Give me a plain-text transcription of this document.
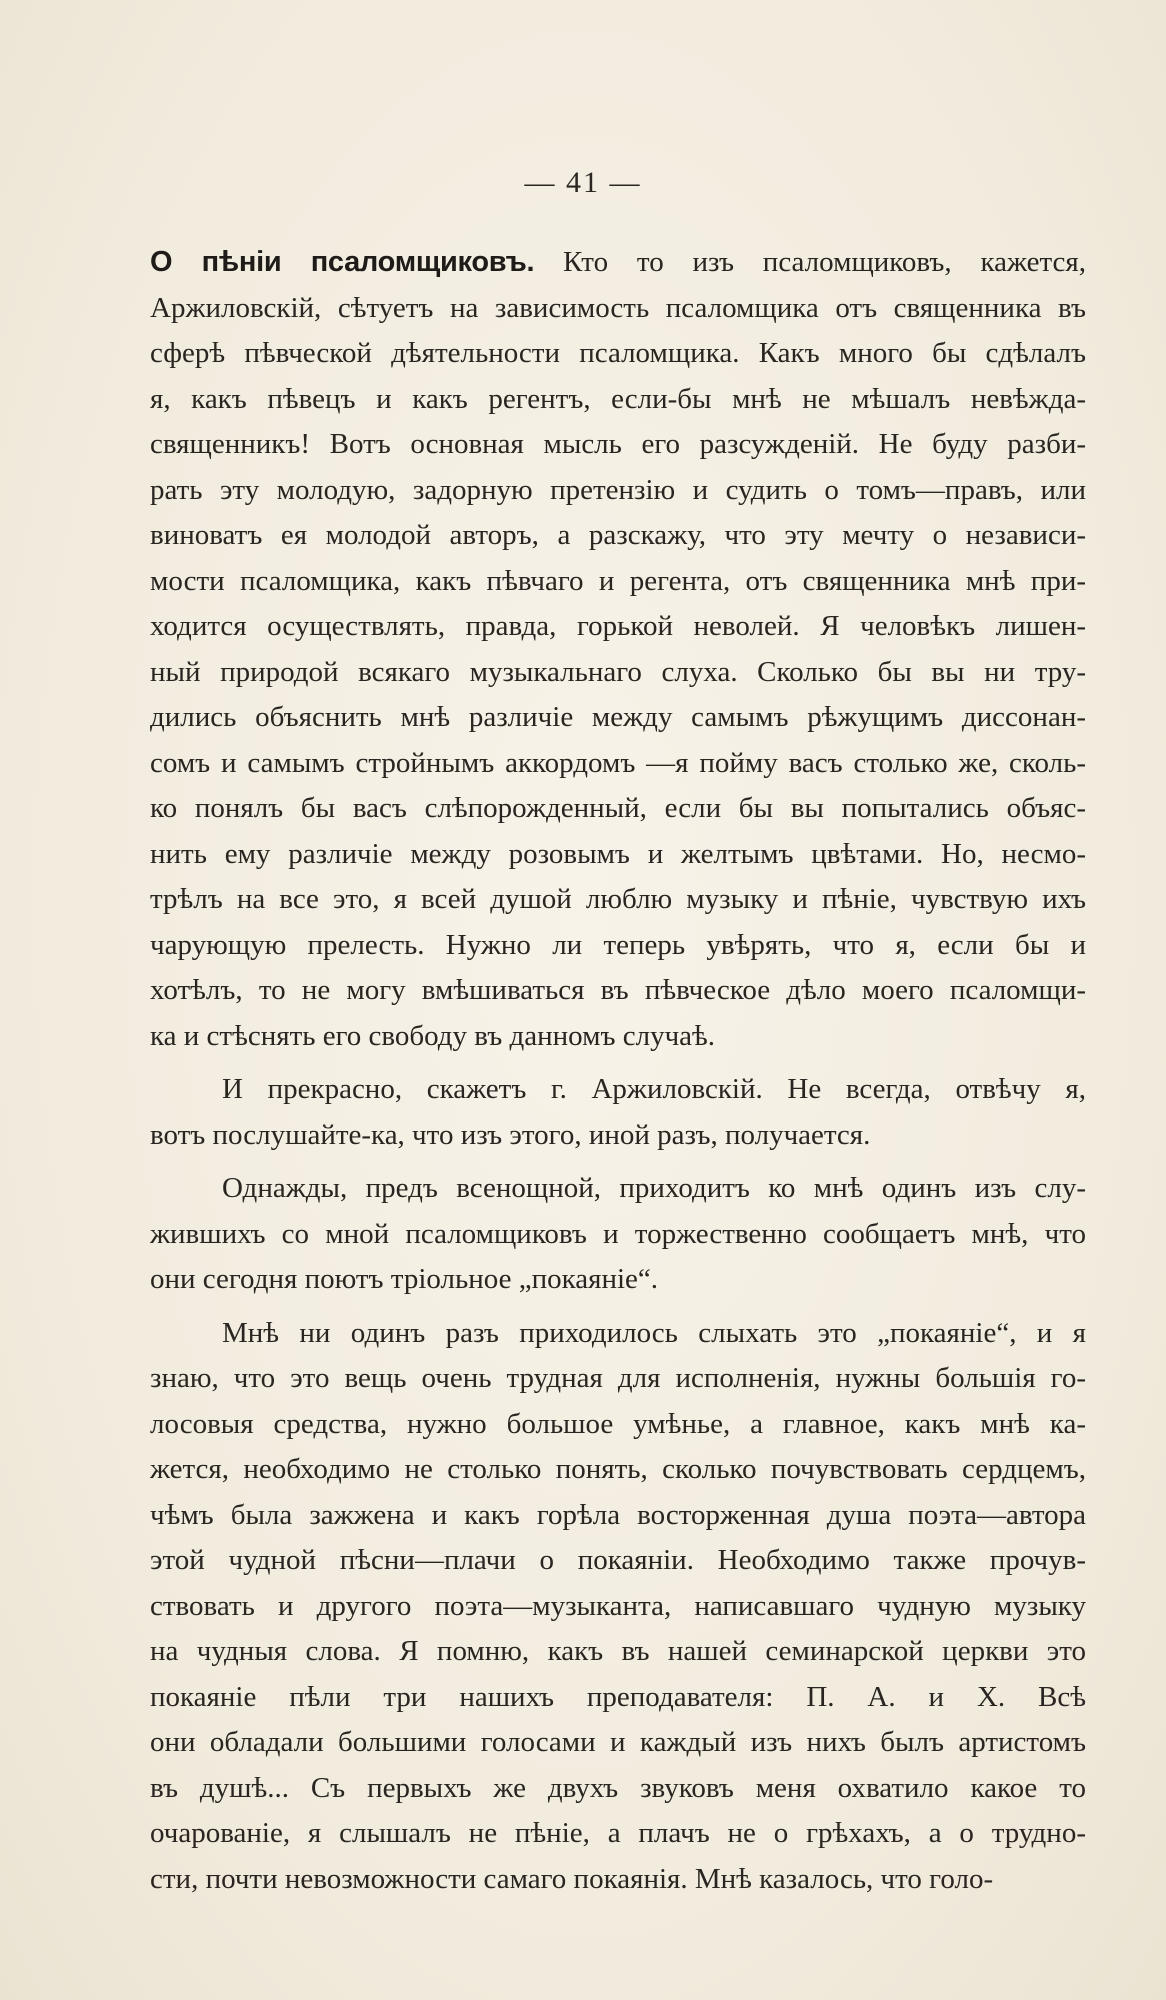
— 41 —
О пѣніи псаломщиковъ. Кто то изъ псаломщиковъ, кажется,
Аржиловскій, сѣтуетъ на зависимость псаломщика отъ священника въ
сферѣ пѣвческой дѣятельности псаломщика. Какъ много бы сдѣлалъ
я, какъ пѣвецъ и какъ регентъ, если-бы мнѣ не мѣшалъ невѣжда-
священникъ! Вотъ основная мысль его разсужденій. Не буду разби-
рать эту молодую, задорную претензію и судить о томъ—правъ, или
виноватъ ея молодой авторъ, а разскажу, что эту мечту о независи-
мости псаломщика, какъ пѣвчаго и регента, отъ священника мнѣ при-
ходится осуществлять, правда, горькой неволей. Я человѣкъ лишен-
ный природой всякаго музыкальнаго слуха. Сколько бы вы ни тру-
дились объяснить мнѣ различіе между самымъ рѣжущимъ диссонан-
сомъ и самымъ стройнымъ аккордомъ —я пойму васъ столько же, сколь-
ко понялъ бы васъ слѣпорожденный, если бы вы попытались объяс-
нить ему различіе между розовымъ и желтымъ цвѣтами. Но, несмо-
трѣлъ на все это, я всей душой люблю музыку и пѣніе, чувствую ихъ
чарующую прелесть. Нужно ли теперь увѣрять, что я, если бы и
хотѣлъ, то не могу вмѣшиваться въ пѣвческое дѣло моего псаломщи-
ка и стѣснять его свободу въ данномъ случаѣ.
И прекрасно, скажетъ г. Аржиловскій. Не всегда, отвѣчу я,
вотъ послушайте-ка, что изъ этого, иной разъ, получается.
Однажды, предъ всенощной, приходитъ ко мнѣ одинъ изъ слу-
жившихъ со мной псаломщиковъ и торжественно сообщаетъ мнѣ, что
они сегодня поютъ тріольное „покаяніе“.
Мнѣ ни одинъ разъ приходилось слыхать это „покаяніе“, и я
знаю, что это вещь очень трудная для исполненія, нужны большія го-
лосовыя средства, нужно большое умѣнье, а главное, какъ мнѣ ка-
жется, необходимо не столько понять, сколько почувствовать сердцемъ,
чѣмъ была зажжена и какъ горѣла восторженная душа поэта—автора
этой чудной пѣсни—плачи о покаяніи. Необходимо также прочув-
ствовать и другого поэта—музыканта, написавшаго чудную музыку
на чудныя слова. Я помню, какъ въ нашей семинарской церкви это
покаяніе пѣли три нашихъ преподавателя: П. А. и Х. Всѣ
они обладали большими голосами и каждый изъ нихъ былъ артистомъ
въ душѣ... Съ первыхъ же двухъ звуковъ меня охватило какое то
очарованіе, я слышалъ не пѣніе, а плачъ не о грѣхахъ, а о трудно-
сти, почти невозможности самаго покаянія. Мнѣ казалось, что голо-
